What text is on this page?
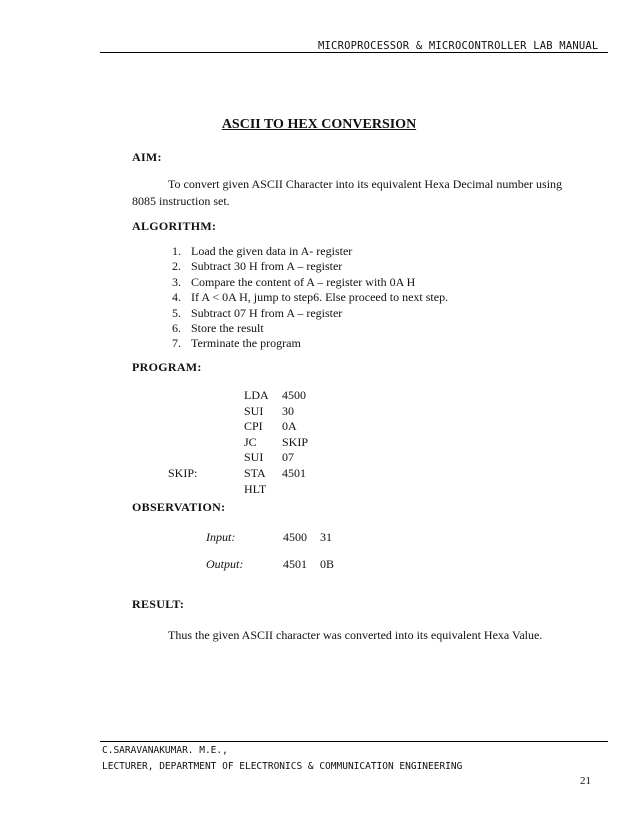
MICROPROCESSOR & MICROCONTROLLER LAB MANUAL
ASCII TO HEX CONVERSION
AIM:
To convert given ASCII Character into its equivalent Hexa Decimal number using
8085 instruction set.
ALGORITHM:
1. Load the given data in A- register
2. Subtract 30 H from A – register
3. Compare the content of A – register with 0A H
4. If A < 0A H, jump to step6. Else proceed to next step.
5. Subtract 07 H from A – register
6. Store the result
7. Terminate the program
PROGRAM:
LDA 4500
SUI 30
CPI 0A
JC SKIP
SUI 07
SKIP:	STA 4501
HLT
OBSERVATION:
Input:	4500 31
Output:	4501 0B
RESULT:
Thus the given ASCII character was converted into its equivalent Hexa Value.
C.SARAVANAKUMAR. M.E.,
LECTURER, DEPARTMENT OF ELECTRONICS & COMMUNICATION ENGINEERING
21
